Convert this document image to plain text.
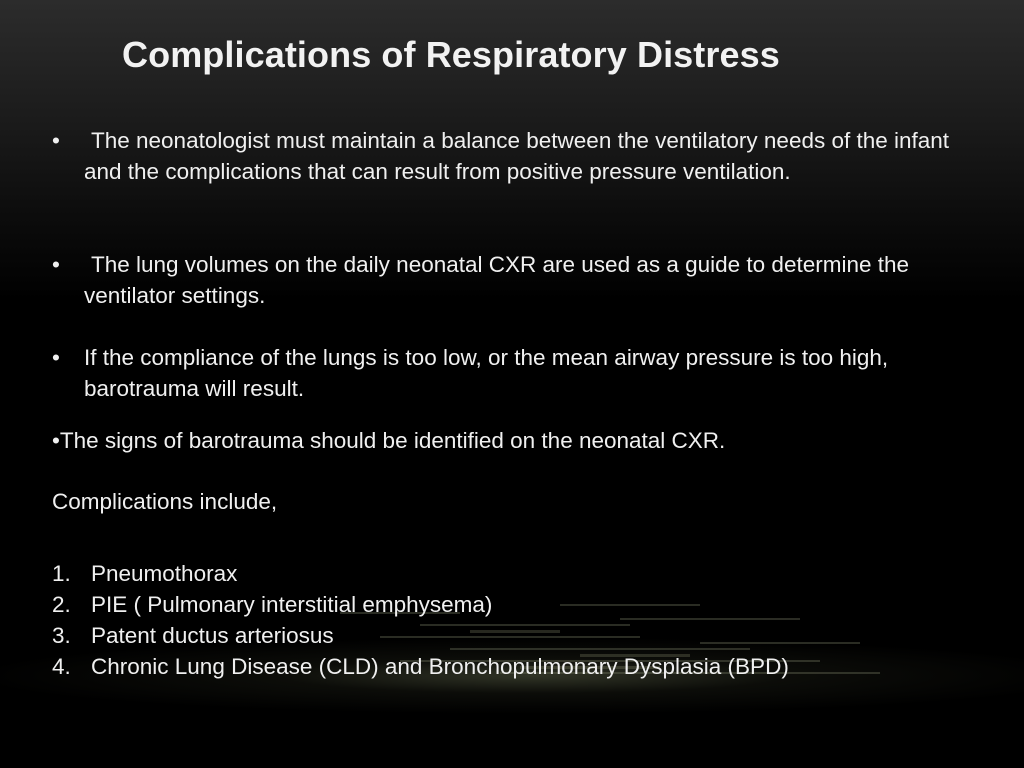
Complications of Respiratory Distress
•	The neonatologist must maintain a balance between the ventilatory needs of the infant and the complications that can result from positive pressure ventilation.
•	The lung volumes on the daily neonatal CXR are used as a guide to determine the ventilator settings.
•	If the compliance of the lungs is too low, or the mean airway pressure is too high, barotrauma will result.
•The signs of barotrauma should be identified on the neonatal CXR.
Complications include,
1. Pneumothorax
2. PIE ( Pulmonary interstitial emphysema)
3. Patent ductus arteriosus
4. Chronic Lung Disease (CLD) and Bronchopulmonary Dysplasia (BPD)
